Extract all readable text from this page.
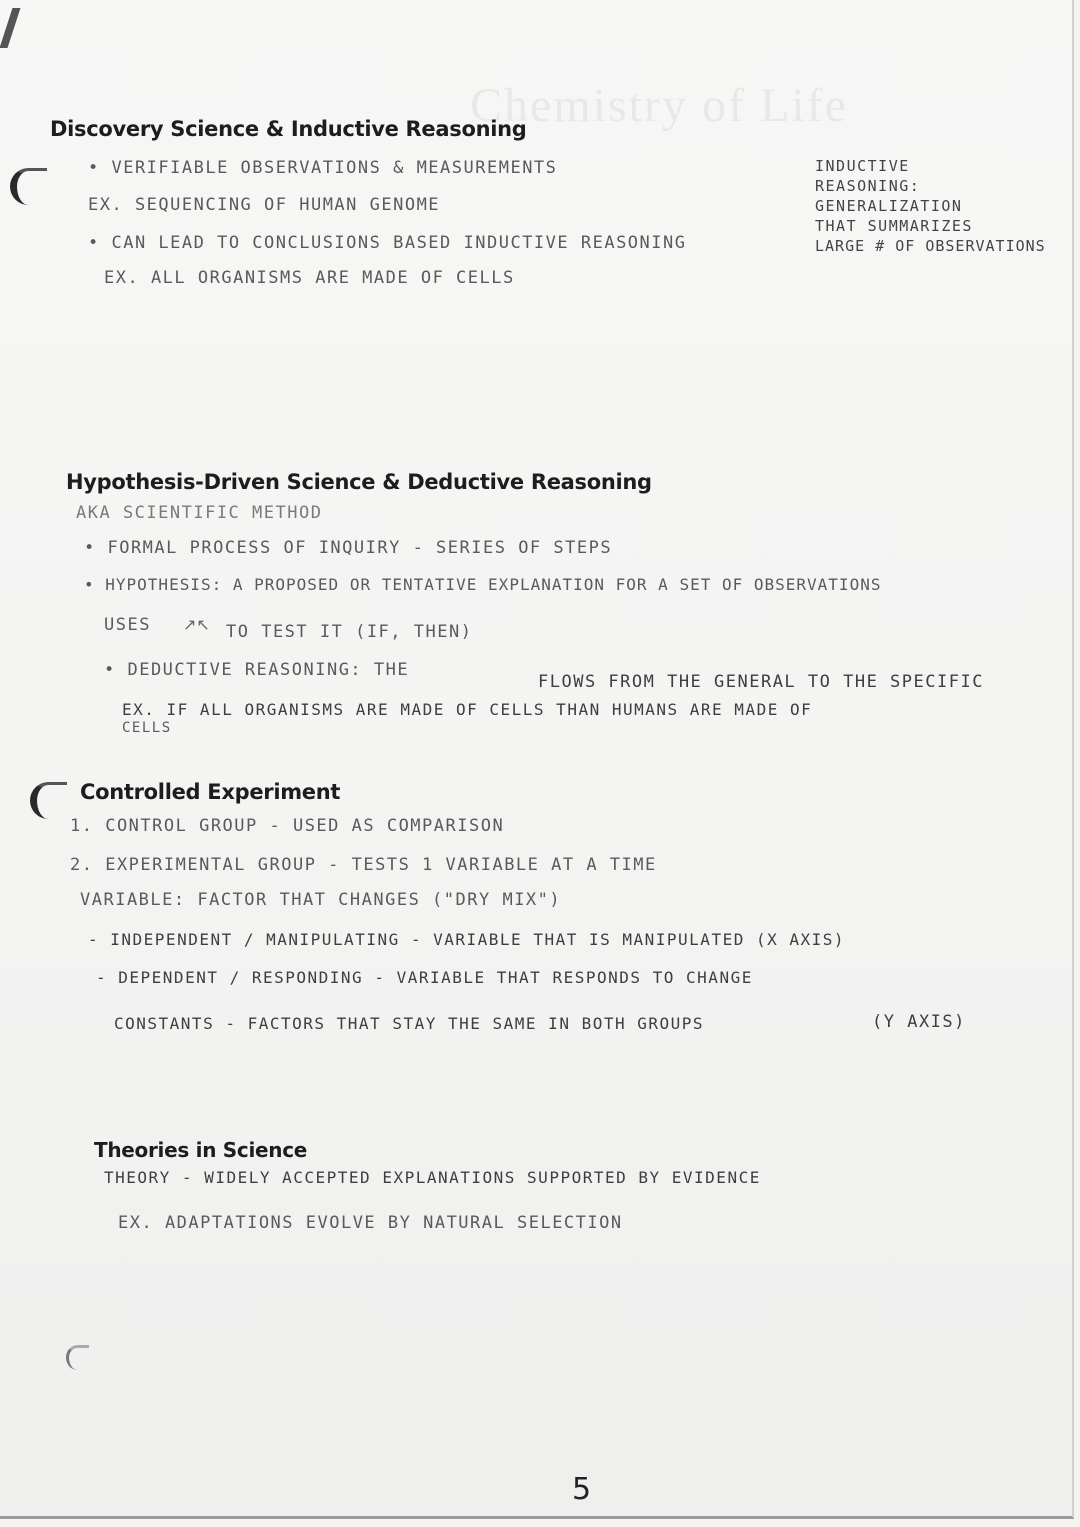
Chemistry of Life
Discovery Science & Inductive Reasoning
• VERIFIABLE OBSERVATIONS & MEASUREMENTS
EX. SEQUENCING OF HUMAN GENOME
• CAN LEAD TO CONCLUSIONS BASED INDUCTIVE REASONING
EX. ALL ORGANISMS ARE MADE OF CELLS
INDUCTIVE
REASONING:
GENERALIZATION
THAT SUMMARIZES
LARGE # OF OBSERVATIONS
Hypothesis-Driven Science & Deductive Reasoning
AKA SCIENTIFIC METHOD
• FORMAL PROCESS OF INQUIRY - SERIES OF STEPS
• HYPOTHESIS: A PROPOSED OR TENTATIVE EXPLANATION FOR A SET OF OBSERVATIONS
USES ↗↖ TO TEST IT (IF, THEN)
• DEDUCTIVE REASONING: THE
FLOWS FROM THE GENERAL TO THE SPECIFIC
EX. IF ALL ORGANISMS ARE MADE OF CELLS THAN HUMANS ARE MADE OF
CELLS
Controlled Experiment
1. CONTROL GROUP - USED AS COMPARISON
2. EXPERIMENTAL GROUP - TESTS 1 VARIABLE AT A TIME
VARIABLE: FACTOR THAT CHANGES ("DRY MIX")
- INDEPENDENT / MANIPULATING - VARIABLE THAT IS MANIPULATED (X AXIS)
- DEPENDENT / RESPONDING - VARIABLE THAT RESPONDS TO CHANGE
(Y AXIS)
CONSTANTS - FACTORS THAT STAY THE SAME IN BOTH GROUPS
Theories in Science
THEORY - WIDELY ACCEPTED EXPLANATIONS SUPPORTED BY EVIDENCE
EX. ADAPTATIONS EVOLVE BY NATURAL SELECTION
5
